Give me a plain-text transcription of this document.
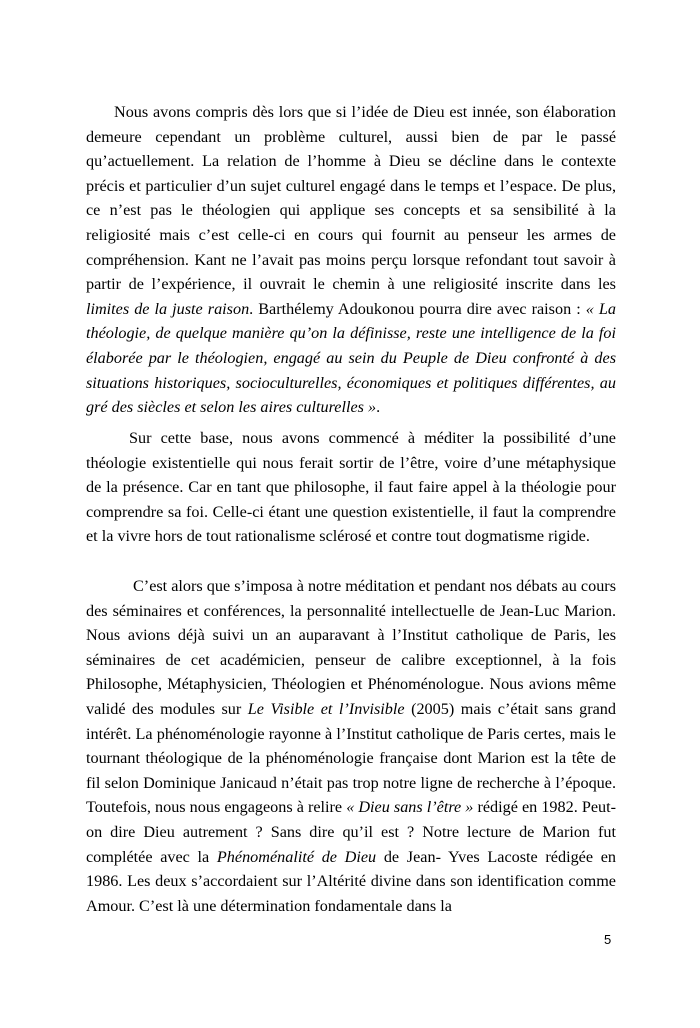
Nous avons compris dès lors que si l’idée de Dieu est innée, son élaboration demeure cependant un problème culturel, aussi bien de par le passé qu’actuellement. La relation de l’homme à Dieu se décline dans le contexte précis et particulier d’un sujet culturel engagé dans le temps et l’espace. De plus, ce n’est pas le théologien qui applique ses concepts et sa sensibilité à la religiosité mais c’est celle-ci en cours qui fournit au penseur les armes de compréhension. Kant ne l’avait pas moins perçu lorsque refondant tout savoir à partir de l’expérience, il ouvrait le chemin à une religiosité inscrite dans les limites de la juste raison. Barthélemy Adoukonou pourra dire avec raison : « La théologie, de quelque manière qu’on la définisse, reste une intelligence de la foi élaborée par le théologien, engagé au sein du Peuple de Dieu confronté à des situations historiques, socioculturelles, économiques et politiques différentes, au gré des siècles et selon les aires culturelles ».

Sur cette base, nous avons commencé à méditer la possibilité d’une théologie existentielle qui nous ferait sortir de l’être, voire d’une métaphysique de la présence. Car en tant que philosophe, il faut faire appel à la théologie pour comprendre sa foi. Celle-ci étant une question existentielle, il faut la comprendre et la vivre hors de tout rationalisme sclérosé et contre tout dogmatisme rigide.

C’est alors que s’imposa à notre méditation et pendant nos débats au cours des séminaires et conférences, la personnalité intellectuelle de Jean-Luc Marion. Nous avions déjà suivi un an auparavant à l’Institut catholique de Paris, les séminaires de cet académicien, penseur de calibre exceptionnel, à la fois Philosophe, Métaphysicien, Théologien et Phénoménologue. Nous avions même validé des modules sur Le Visible et l’Invisible (2005) mais c’était sans grand intérêt. La phénoménologie rayonne à l’Institut catholique de Paris certes, mais le tournant théologique de la phénoménologie française dont Marion est la tête de fil selon Dominique Janicaud n’était pas trop notre ligne de recherche à l’époque. Toutefois, nous nous engageons à relire « Dieu sans l’être » rédigé en 1982. Peut-on dire Dieu autrement ? Sans dire qu’il est ? Notre lecture de Marion fut complétée avec la Phénoménalité de Dieu de Jean- Yves Lacoste rédigée en 1986. Les deux s’accordaient sur l’Altérité divine dans son identification comme Amour. C’est là une détermination fondamentale dans la

5
